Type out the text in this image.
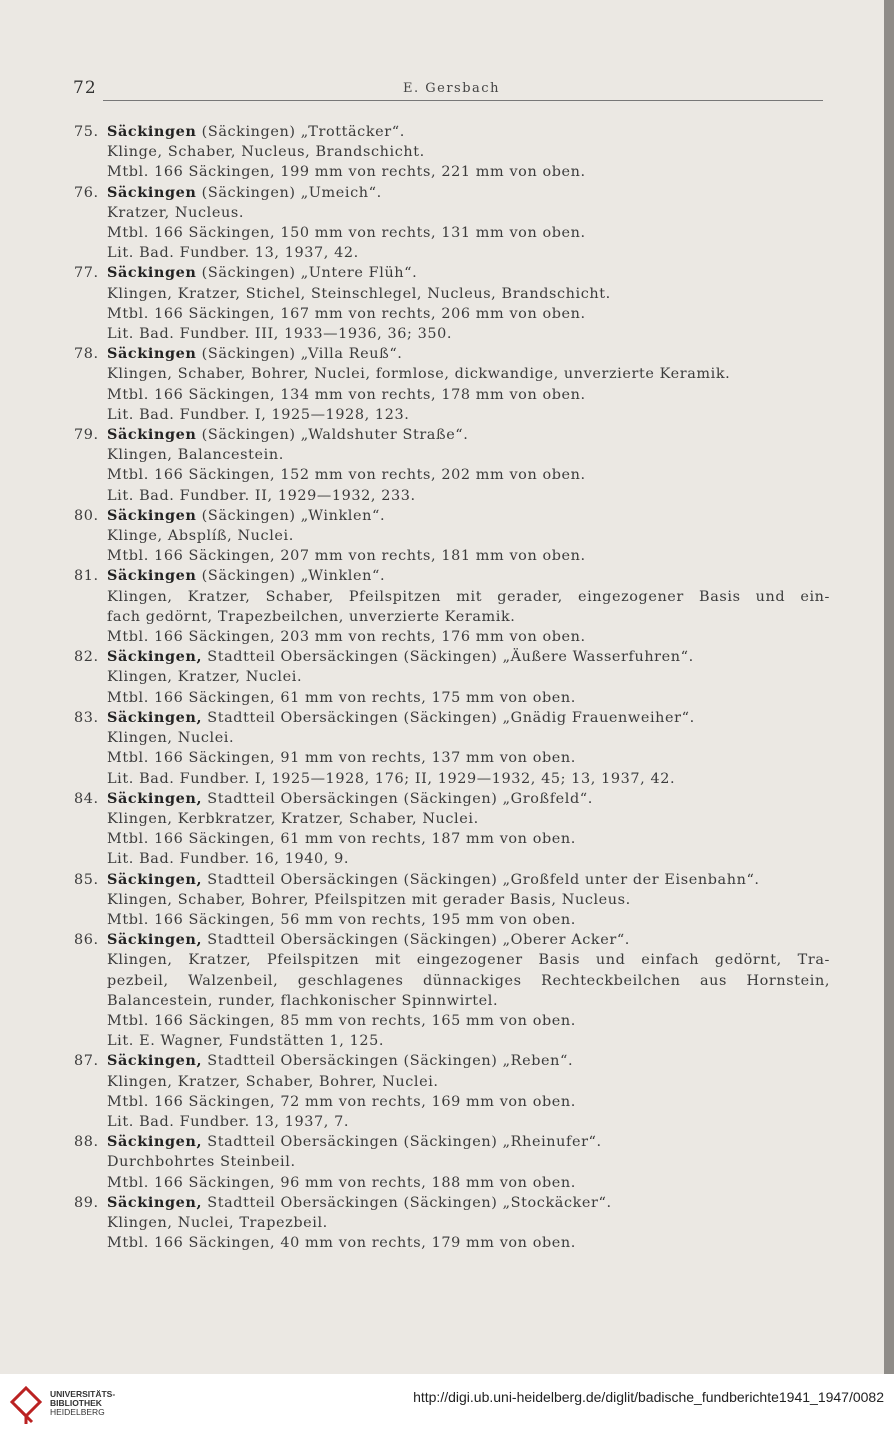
72	E. Gersbach
75. Säckingen (Säckingen) „Trottäcker“.
Klinge, Schaber, Nucleus, Brandschicht.
Mtbl. 166 Säckingen, 199 mm von rechts, 221 mm von oben.
76. Säckingen (Säckingen) „Umeich“.
Kratzer, Nucleus.
Mtbl. 166 Säckingen, 150 mm von rechts, 131 mm von oben.
Lit. Bad. Fundber. 13, 1937, 42.
77. Säckingen (Säckingen) „Untere Flüh“.
Klingen, Kratzer, Stichel, Steinschlegel, Nucleus, Brandschicht.
Mtbl. 166 Säckingen, 167 mm von rechts, 206 mm von oben.
Lit. Bad. Fundber. III, 1933—1936, 36; 350.
78. Säckingen (Säckingen) „Villa Reuß“.
Klingen, Schaber, Bohrer, Nuclei, formlose, dickwandige, unverzierte Keramik.
Mtbl. 166 Säckingen, 134 mm von rechts, 178 mm von oben.
Lit. Bad. Fundber. I, 1925—1928, 123.
79. Säckingen (Säckingen) „Waldshuter Straße“.
Klingen, Balancestein.
Mtbl. 166 Säckingen, 152 mm von rechts, 202 mm von oben.
Lit. Bad. Fundber. II, 1929—1932, 233.
80. Säckingen (Säckingen) „Winklen“.
Klinge, Absplíß, Nuclei.
Mtbl. 166 Säckingen, 207 mm von rechts, 181 mm von oben.
81. Säckingen (Säckingen) „Winklen“.
Klingen, Kratzer, Schaber, Pfeilspitzen mit gerader, eingezogener Basis und ein-
fach gedörnt, Trapezbeilchen, unverzierte Keramik.
Mtbl. 166 Säckingen, 203 mm von rechts, 176 mm von oben.
82. Säckingen, Stadtteil Obersäckingen (Säckingen) „Äußere Wasserfuhren“.
Klingen, Kratzer, Nuclei.
Mtbl. 166 Säckingen, 61 mm von rechts, 175 mm von oben.
83. Säckingen, Stadtteil Obersäckingen (Säckingen) „Gnädig Frauenweiher“.
Klingen, Nuclei.
Mtbl. 166 Säckingen, 91 mm von rechts, 137 mm von oben.
Lit. Bad. Fundber. I, 1925—1928, 176; II, 1929—1932, 45; 13, 1937, 42.
84. Säckingen, Stadtteil Obersäckingen (Säckingen) „Großfeld“.
Klingen, Kerbkratzer, Kratzer, Schaber, Nuclei.
Mtbl. 166 Säckingen, 61 mm von rechts, 187 mm von oben.
Lit. Bad. Fundber. 16, 1940, 9.
85. Säckingen, Stadtteil Obersäckingen (Säckingen) „Großfeld unter der Eisenbahn“.
Klingen, Schaber, Bohrer, Pfeilspitzen mit gerader Basis, Nucleus.
Mtbl. 166 Säckingen, 56 mm von rechts, 195 mm von oben.
86. Säckingen, Stadtteil Obersäckingen (Säckingen) „Oberer Acker“.
Klingen, Kratzer, Pfeilspitzen mit eingezogener Basis und einfach gedörnt, Tra-
pezbeil, Walzenbeil, geschlagenes dünnackiges Rechteckbeilchen aus Hornstein,
Balancestein, runder, flachkonischer Spinnwirtel.
Mtbl. 166 Säckingen, 85 mm von rechts, 165 mm von oben.
Lit. E. Wagner, Fundstätten 1, 125.
87. Säckingen, Stadtteil Obersäckingen (Säckingen) „Reben“.
Klingen, Kratzer, Schaber, Bohrer, Nuclei.
Mtbl. 166 Säckingen, 72 mm von rechts, 169 mm von oben.
Lit. Bad. Fundber. 13, 1937, 7.
88. Säckingen, Stadtteil Obersäckingen (Säckingen) „Rheinufer“.
Durchbohrtes Steinbeil.
Mtbl. 166 Säckingen, 96 mm von rechts, 188 mm von oben.
89. Säckingen, Stadtteil Obersäckingen (Säckingen) „Stockäcker“.
Klingen, Nuclei, Trapezbeil.
Mtbl. 166 Säckingen, 40 mm von rechts, 179 mm von oben.
UNIVERSITÄTS-
BIBLIOTHEK
HEIDELBERG
http://digi.ub.uni-heidelberg.de/diglit/badische_fundberichte1941_1947/0082
